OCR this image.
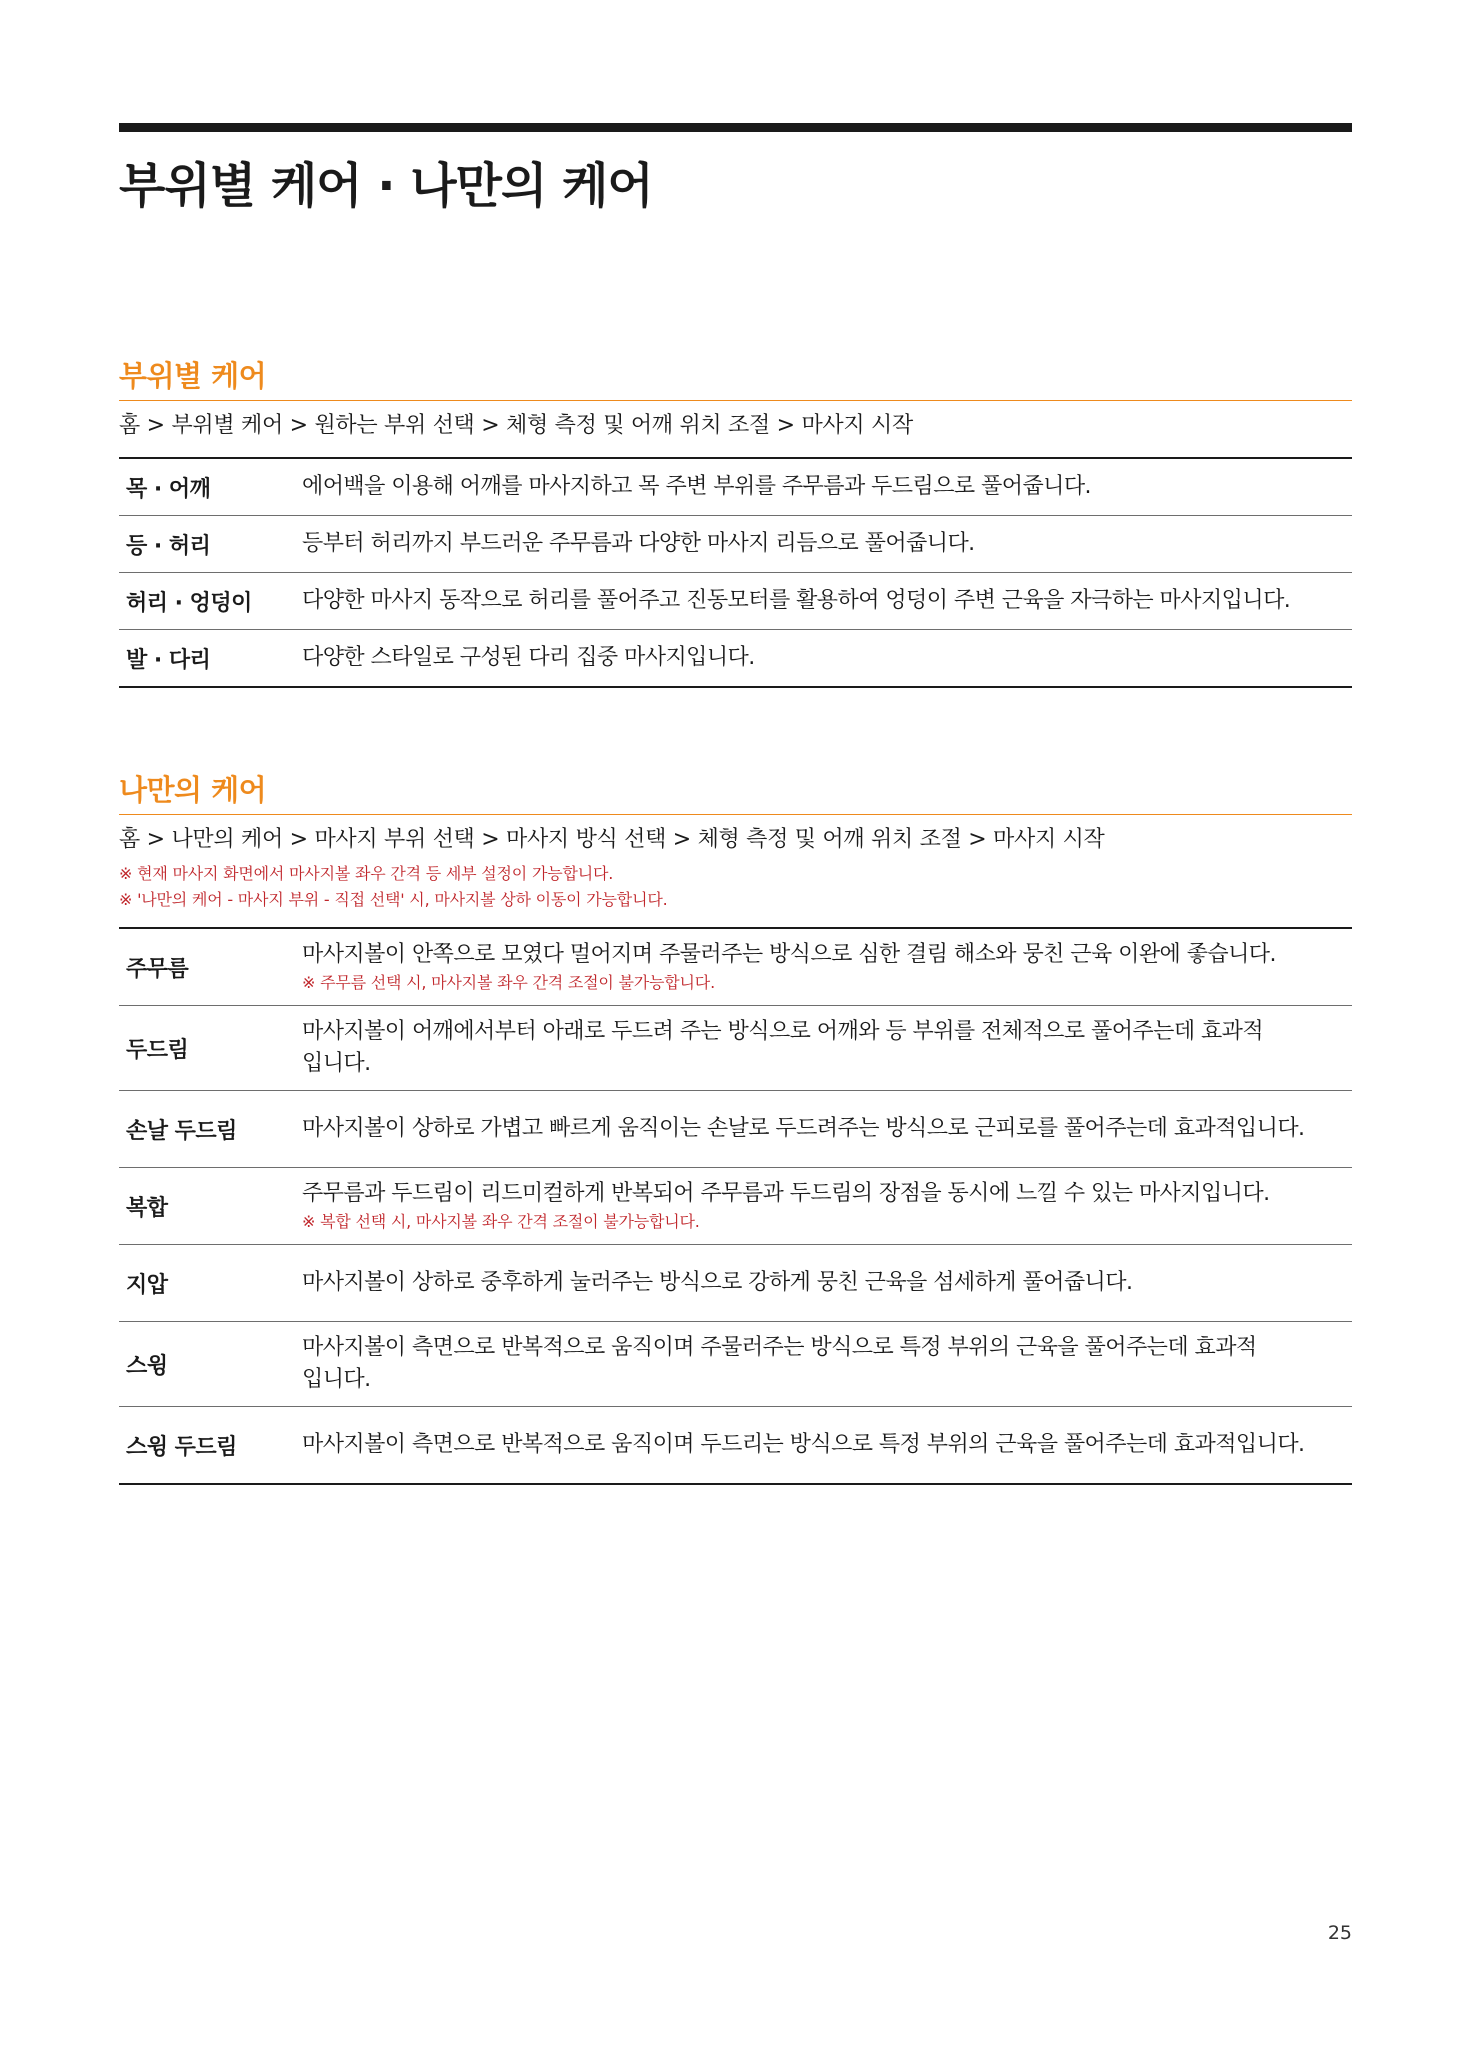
부위별 케어 · 나만의 케어
부위별 케어
홈 > 부위별 케어 > 원하는 부위 선택 > 체형 측정 및 어깨 위치 조절 > 마사지 시작
목 · 어깨	에어백을 이용해 어깨를 마사지하고 목 주변 부위를 주무름과 두드림으로 풀어줍니다.
등 · 허리	등부터 허리까지 부드러운 주무름과 다양한 마사지 리듬으로 풀어줍니다.
허리 · 엉덩이	다양한 마사지 동작으로 허리를 풀어주고 진동모터를 활용하여 엉덩이 주변 근육을 자극하는 마사지입니다.
발 · 다리	다양한 스타일로 구성된 다리 집중 마사지입니다.
나만의 케어
홈 > 나만의 케어 > 마사지 부위 선택 > 마사지 방식 선택 > 체형 측정 및 어깨 위치 조절 > 마사지 시작
※ 현재 마사지 화면에서 마사지볼 좌우 간격 등 세부 설정이 가능합니다.
※ '나만의 케어 - 마사지 부위 - 직접 선택' 시, 마사지볼 상하 이동이 가능합니다.
주무름	마사지볼이 안쪽으로 모였다 멀어지며 주물러주는 방식으로 심한 결림 해소와 뭉친 근육 이완에 좋습니다.
※ 주무름 선택 시, 마사지볼 좌우 간격 조절이 불가능합니다.

두드림	마사지볼이 어깨에서부터 아래로 두드려 주는 방식으로 어깨와 등 부위를 전체적으로 풀어주는데 효과적
입니다.
손날 두드림	마사지볼이 상하로 가볍고 빠르게 움직이는 손날로 두드려주는 방식으로 근피로를 풀어주는데 효과적입니다.
복합	주무름과 두드림이 리드미컬하게 반복되어 주무름과 두드림의 장점을 동시에 느낄 수 있는 마사지입니다.
※ 복합 선택 시, 마사지볼 좌우 간격 조절이 불가능합니다.

지압	마사지볼이 상하로 중후하게 눌러주는 방식으로 강하게 뭉친 근육을 섬세하게 풀어줍니다.
스윙	마사지볼이 측면으로 반복적으로 움직이며 주물러주는 방식으로 특정 부위의 근육을 풀어주는데 효과적
입니다.
스윙 두드림	마사지볼이 측면으로 반복적으로 움직이며 두드리는 방식으로 특정 부위의 근육을 풀어주는데 효과적입니다.
25
